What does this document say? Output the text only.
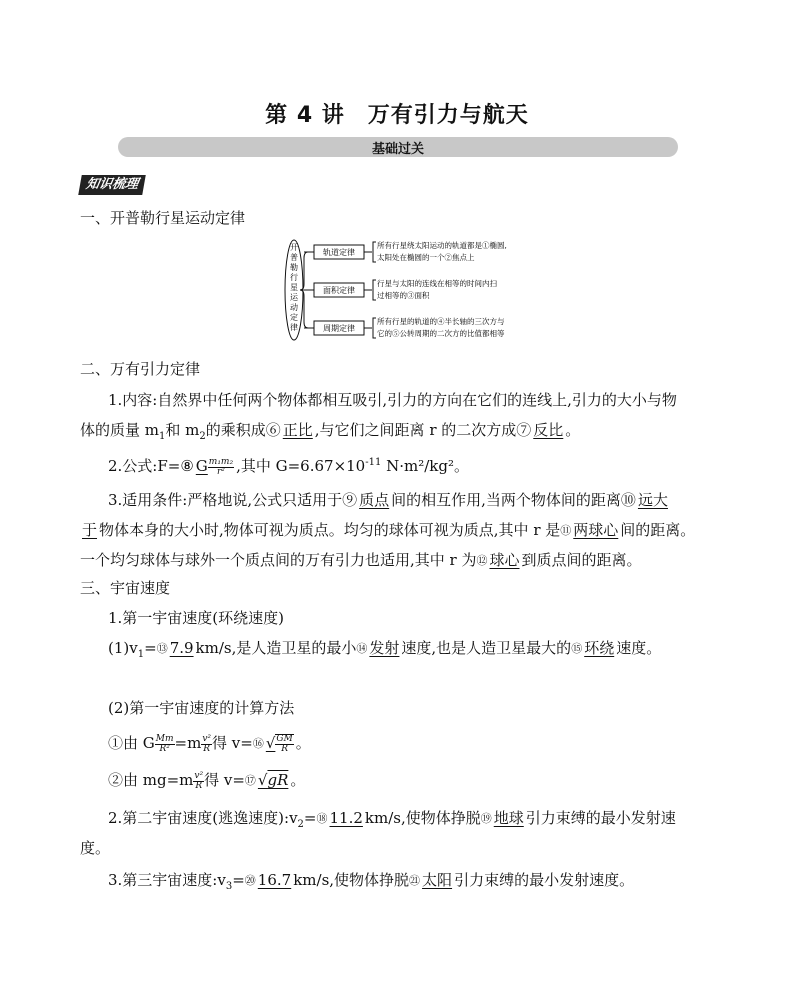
第 4 讲　万有引力与航天
基础过关
知识梳理
一、开普勒行星运动定律
开普勒行星运动定律
轨道定律
面积定律
周期定律
所有行星绕太阳运动的轨道都是①椭圆,
太阳处在椭圆的一个②焦点上
行星与太阳的连线在相等的时间内扫
过相等的③面积
所有行星的轨道的④半长轴的三次方与
它的⑤公转周期的二次方的比值都相等
二、万有引力定律
1.内容:自然界中任何两个物体都相互吸引,引力的方向在它们的连线上,引力的大小与物
体的质量 $m_1$和 $m_2$的乘积成⑥ 正比 ,与它们之间距离 r 的二次方成⑦ 反比 。
2.公式:F=⑧ G $\frac{\text{m₁m₂}}{\text{r²}}$ ,其中 $G=6.67\times 10^{-11}$ N·m²/kg²。
3.适用条件:严格地说,公式只适用于⑨ 质点 间的相互作用,当两个物体间的距离⑩ 远大
于 物体本身的大小时,物体可视为质点。均匀的球体可视为质点,其中 r 是⑪ 两球心 间的距离。
一个均匀球体与球外一个质点间的万有引力也适用,其中 r 为⑫ 球心 到质点间的距离。
三、宇宙速度
1.第一宇宙速度(环绕速度)
$(1)v_1=⑬$ 7.9 km/s,是人造卫星的最小⑭ 发射 速度,也是人造卫星最大的⑮ 环绕 速度。
(2)第一宇宙速度的计算方法
①由 G $\frac{Mm}{\text{R²}} =m \frac{\text{v²}}{R}$ 得 v=⑯ √ $\frac{GM}{R}$ 。
②由 $mg=m \frac{\text{v²}}{R}$ 得 v=⑰ √gR 。
2.第二宇宙速度(逃逸速度)$:v_2=⑱$ 11.2 km/s,使物体挣脱⑲ 地球 引力束缚的最小发射速
度。
3.第三宇宙速度$:v_3=⑳$ 16.7 km/s,使物体挣脱㉑ 太阳 引力束缚的最小发射速度。
